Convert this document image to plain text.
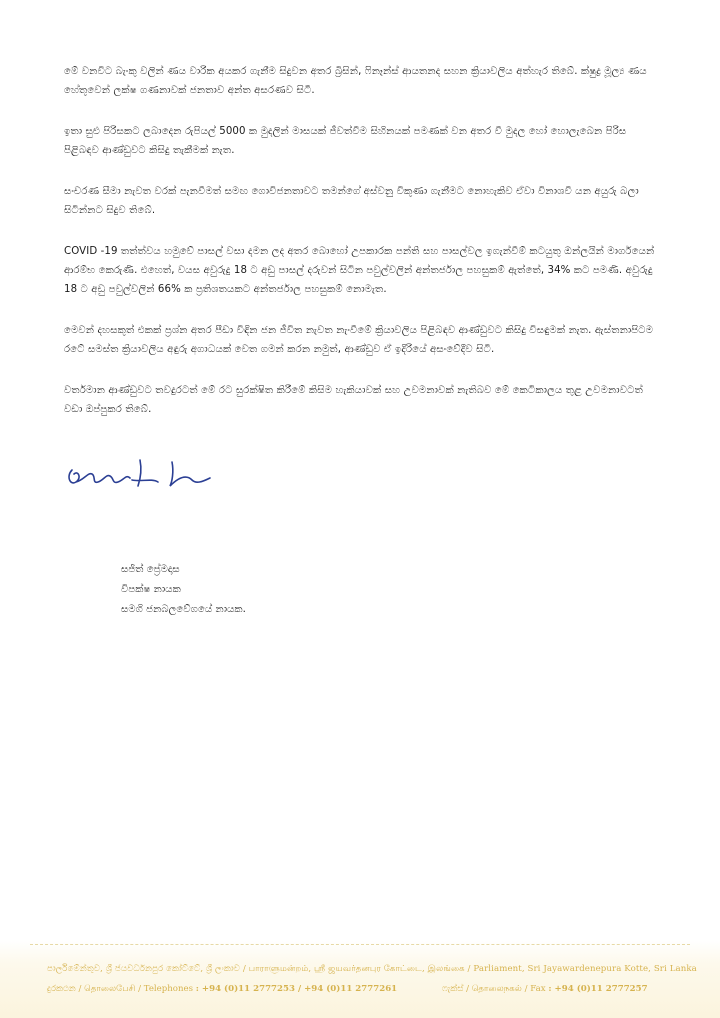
මේ වනවිට බැංකු වලින් ණය වාරික අයකර ගැනීම සිදුවන අතර බ්‍රිසින්, ෆිනෑන්ස් ආයතනද සහන ක්‍රියාවලිය අත්හැර තිබේ. ක්ෂුද්‍ර මූල්‍ය ණය හේතුවෙන් ලක්ෂ ගණනාවක් ජනතාව අන්ත අසරණව සිටී.

ඉතා සුළු පිරිසකට ලබාදෙන රුපියල් 5000 ක මුදලින් මාසයක් ජීවත්වීම සිහිනයක් පමණක් වන අතර වී මුදල හෝ හොලැබෙන පිරිස පිළිබඳව ආණ්ඩුවට කිසිදු තැකීමක් නැත.

සංචරණ සීමා නැවත වරක් පැනවීමත් සමඟ ගොවිජනතාවට තමන්ගේ අස්වනු විකුණා ගැනීමට නොහැකිව ඒවා විනාශවී යන අයුරු බලා සිටින්නට සිදුව තිබේ.

COVID -19 තත්ත්වය හමුවේ පාසල් වසා දමන ලද අතර බොහෝ උපකාරක පන්ති සහ පාසල්වල ඉගැන්වීම් කටයුතු ඔන්ලයින් මාර්ගයෙන් ආරම්භ කෙරුණි. එහෙත්, වයස අවුරුදු 18 ට අඩු පාසල් දරුවන් සිටින පවුල්වලින් අන්තර්ජාල පහසුකම් ඇත්තේ, 34% කට පමණි. අවුරුදු 18 ට අඩු පවුල්වලින් 66% ක ප්‍රතිශතයකට අන්තර්ජාල පහසුකම් නොමැත.

මෙවන් දහසකුත් එකක් ප්‍රශ්න අතර පීඩා විඳින ජන ජීවිත නැවත නැංවීමේ ක්‍රියාවලිය පිළිබඳව ආණ්ඩුවට කිසිදු විසඳුමක් නැත. ඇස්තනාපිටම රටේ සමස්ත ක්‍රියාවලිය අඳුරු අගාධයක් වෙත ගමන් කරන නමුත්, ආණ්ඩුව ඒ ඉදිරියේ අසංවේදීව සිටී.

වර්තමාන ආණ්ඩුවට තවදුරටත් මේ රට සුරක්ෂිත කිරීමේ කිසිම හැකියාවක් සහ උවමනාවක් නැතිබව මේ කෙටිකාලය තුළ උවමනාවටත් වඩා ඔප්පුකර තිබේ.

සජිත් ප්‍රේමදාස
විපක්ෂ නායක
සමගි ජනබලවේගයේ නායක.
පාර්ලිමේන්තුව, ශ්‍රී ජයවර්ධනපුර කෝට්ටේ, ශ්‍රී ලංකාව / பாராளுமன்றம், ஸ்ரீ ஜயவர்தனபுர கோட்டை, இலங்கை / Parliament, Sri Jayawardenepura Kotte, Sri Lanka
දුරකථන / தொலைபேசி / Telephones : +94 (0)11 2777253 / +94 (0)11 2777261	ෆැක්ස් / தொலைநகல் / Fax : +94 (0)11 2777257
